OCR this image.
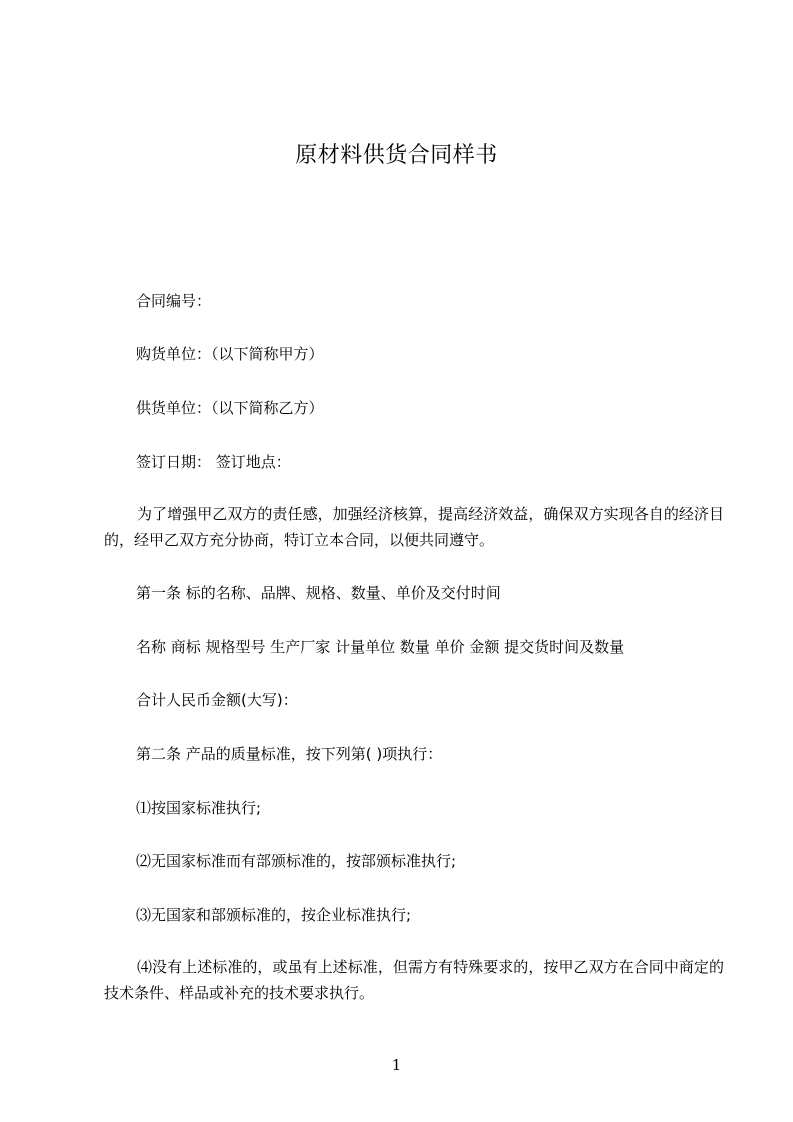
原材料供货合同样书
合同编号：
购货单位：（以下简称甲方）
供货单位：（以下简称乙方）
签订日期： 签订地点：
为了增强甲乙双方的责任感，加强经济核算，提高经济效益，确保双方实现各自的经济目的，经甲乙双方充分协商，特订立本合同，以便共同遵守。
第一条 标的名称、品牌、规格、数量、单价及交付时间
名称 商标 规格型号 生产厂家 计量单位 数量 单价 金额 提交货时间及数量
合计人民币金额(大写)：
第二条 产品的质量标准，按下列第( )项执行：
⑴按国家标准执行;
⑵无国家标准而有部颁标准的，按部颁标准执行;
⑶无国家和部颁标准的，按企业标准执行;
⑷没有上述标准的，或虽有上述标准，但需方有特殊要求的，按甲乙双方在合同中商定的技术条件、样品或补充的技术要求执行。
1
